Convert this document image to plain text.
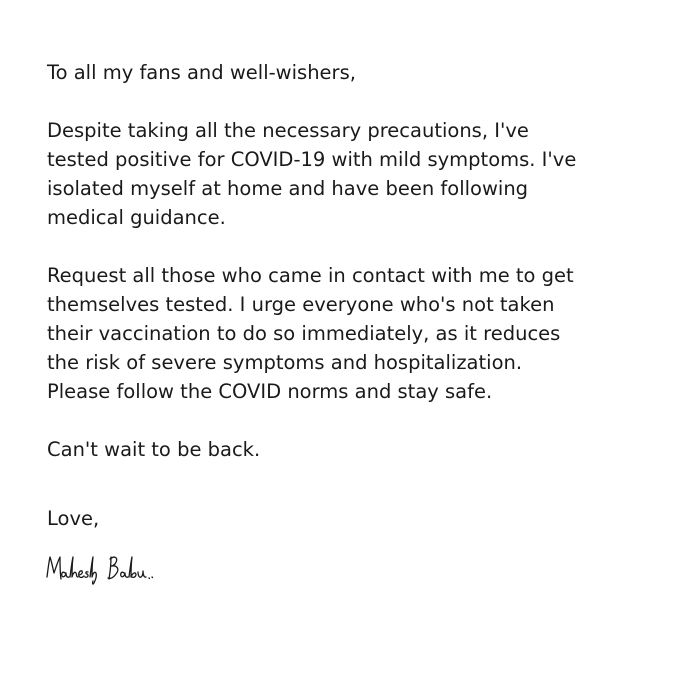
To all my fans and well-wishers,
Despite taking all the necessary precautions, I've
tested positive for COVID-19 with mild symptoms. I've
isolated myself at home and have been following
medical guidance.
Request all those who came in contact with me to get
themselves tested. I urge everyone who's not taken
their vaccination to do so immediately, as it reduces
the risk of severe symptoms and hospitalization.
Please follow the COVID norms and stay safe.
Can't wait to be back.
Love,
